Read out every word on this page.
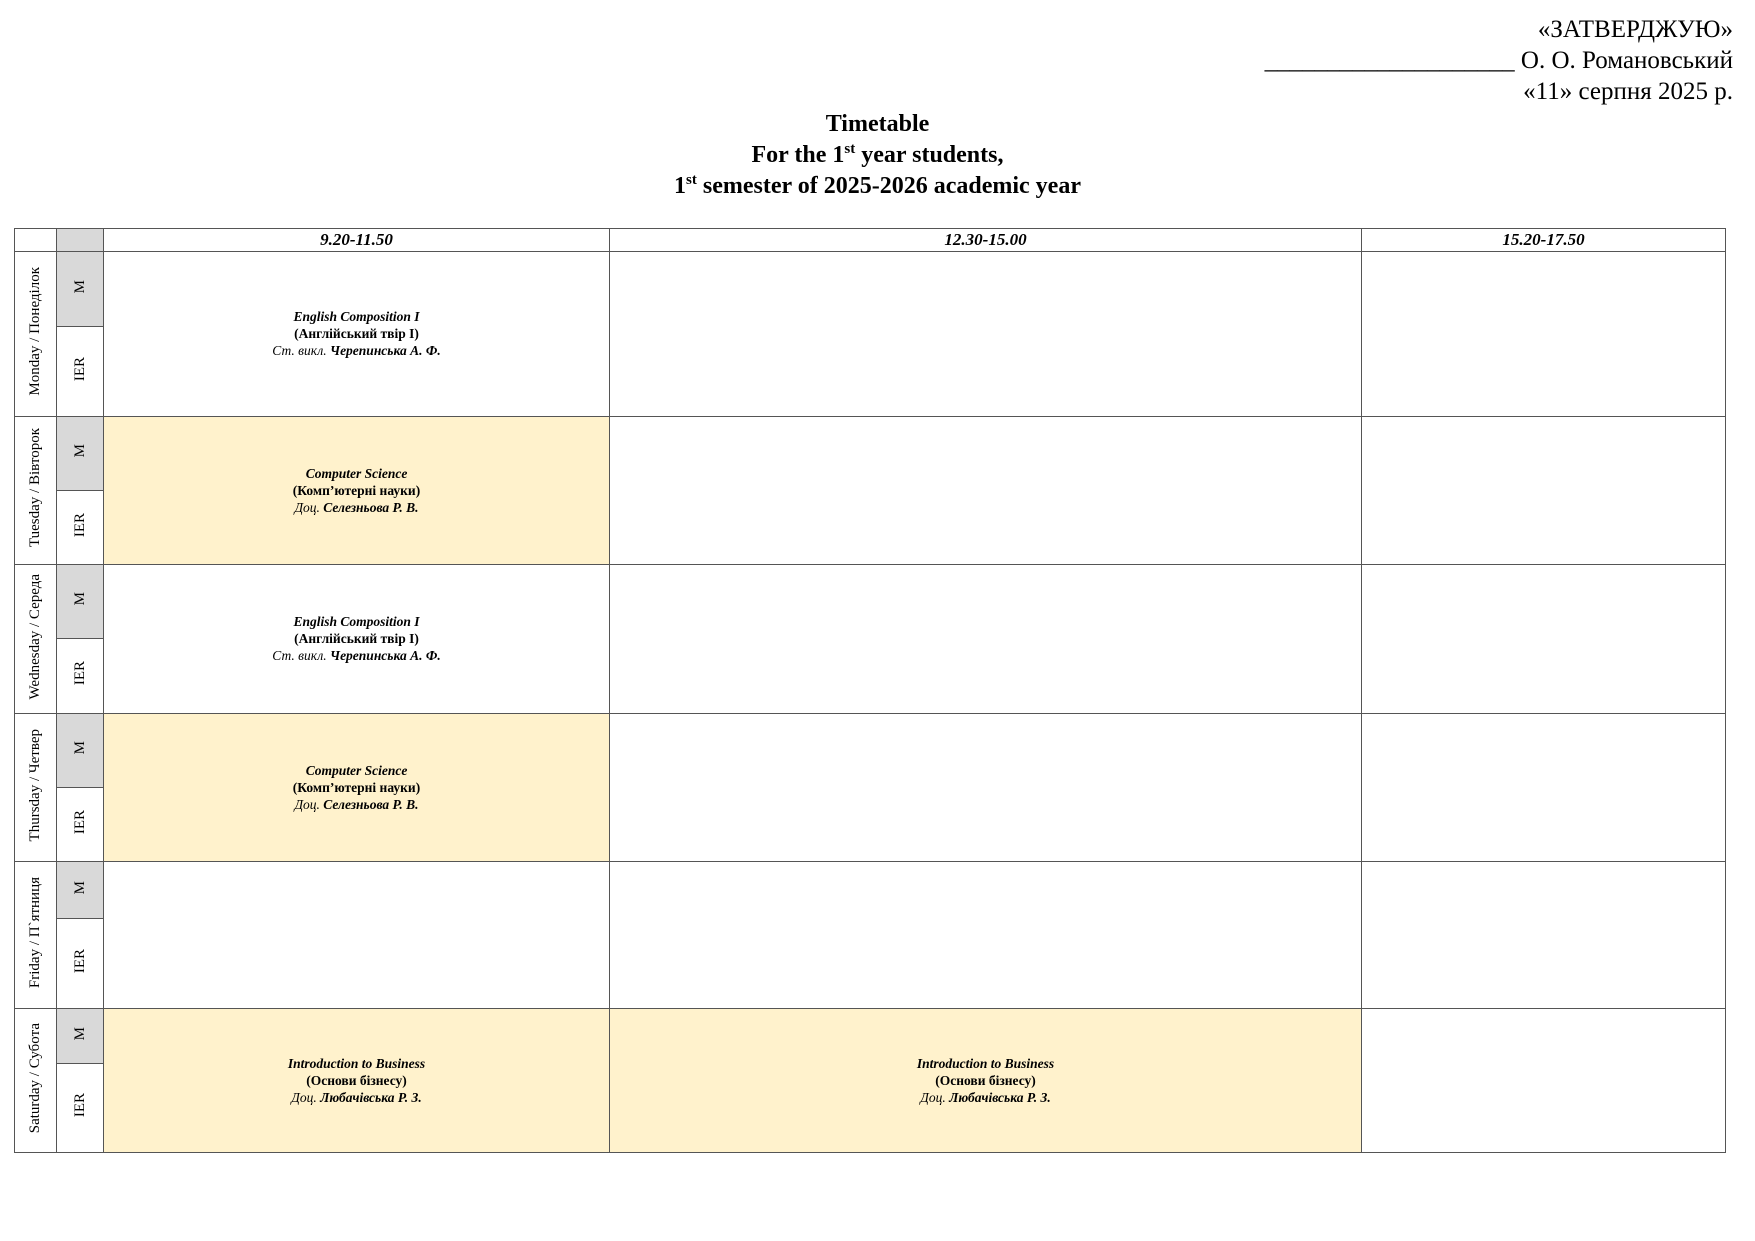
«ЗАТВЕРДЖУЮ»
____________________ О. О. Романовський
«11» серпня 2025 р.
Timetable
For the 1st year students,
1st semester of 2025-2026 academic year
		9.20-11.50	12.30-15.00	15.20-17.50
Monday / Понеділок	M	English Composition I
(Англійський твір I)
Ст. викл. Черепинська А. Ф.		

	IER			
Tuesday / Вівторок	M	Computer Science
(Комп’ютерні науки)
Доц. Селезньова Р. В.		

	IER			
Wednesday / Середа	M	English Composition I
(Англійський твір I)
Ст. викл. Черепинська А. Ф.		

	IER			
Thursday / Четвер	M	Computer Science
(Комп’ютерні науки)
Доц. Селезньова Р. В.		

	IER			
Friday / П`ятниця	M			
	IER			
Saturday / Субота	M	Introduction to Business
(Основи бізнесу)
Доц. Любачівська Р. З.	Introduction to Business
(Основи бізнесу)
Доц. Любачівська Р. З.	

	IER			
